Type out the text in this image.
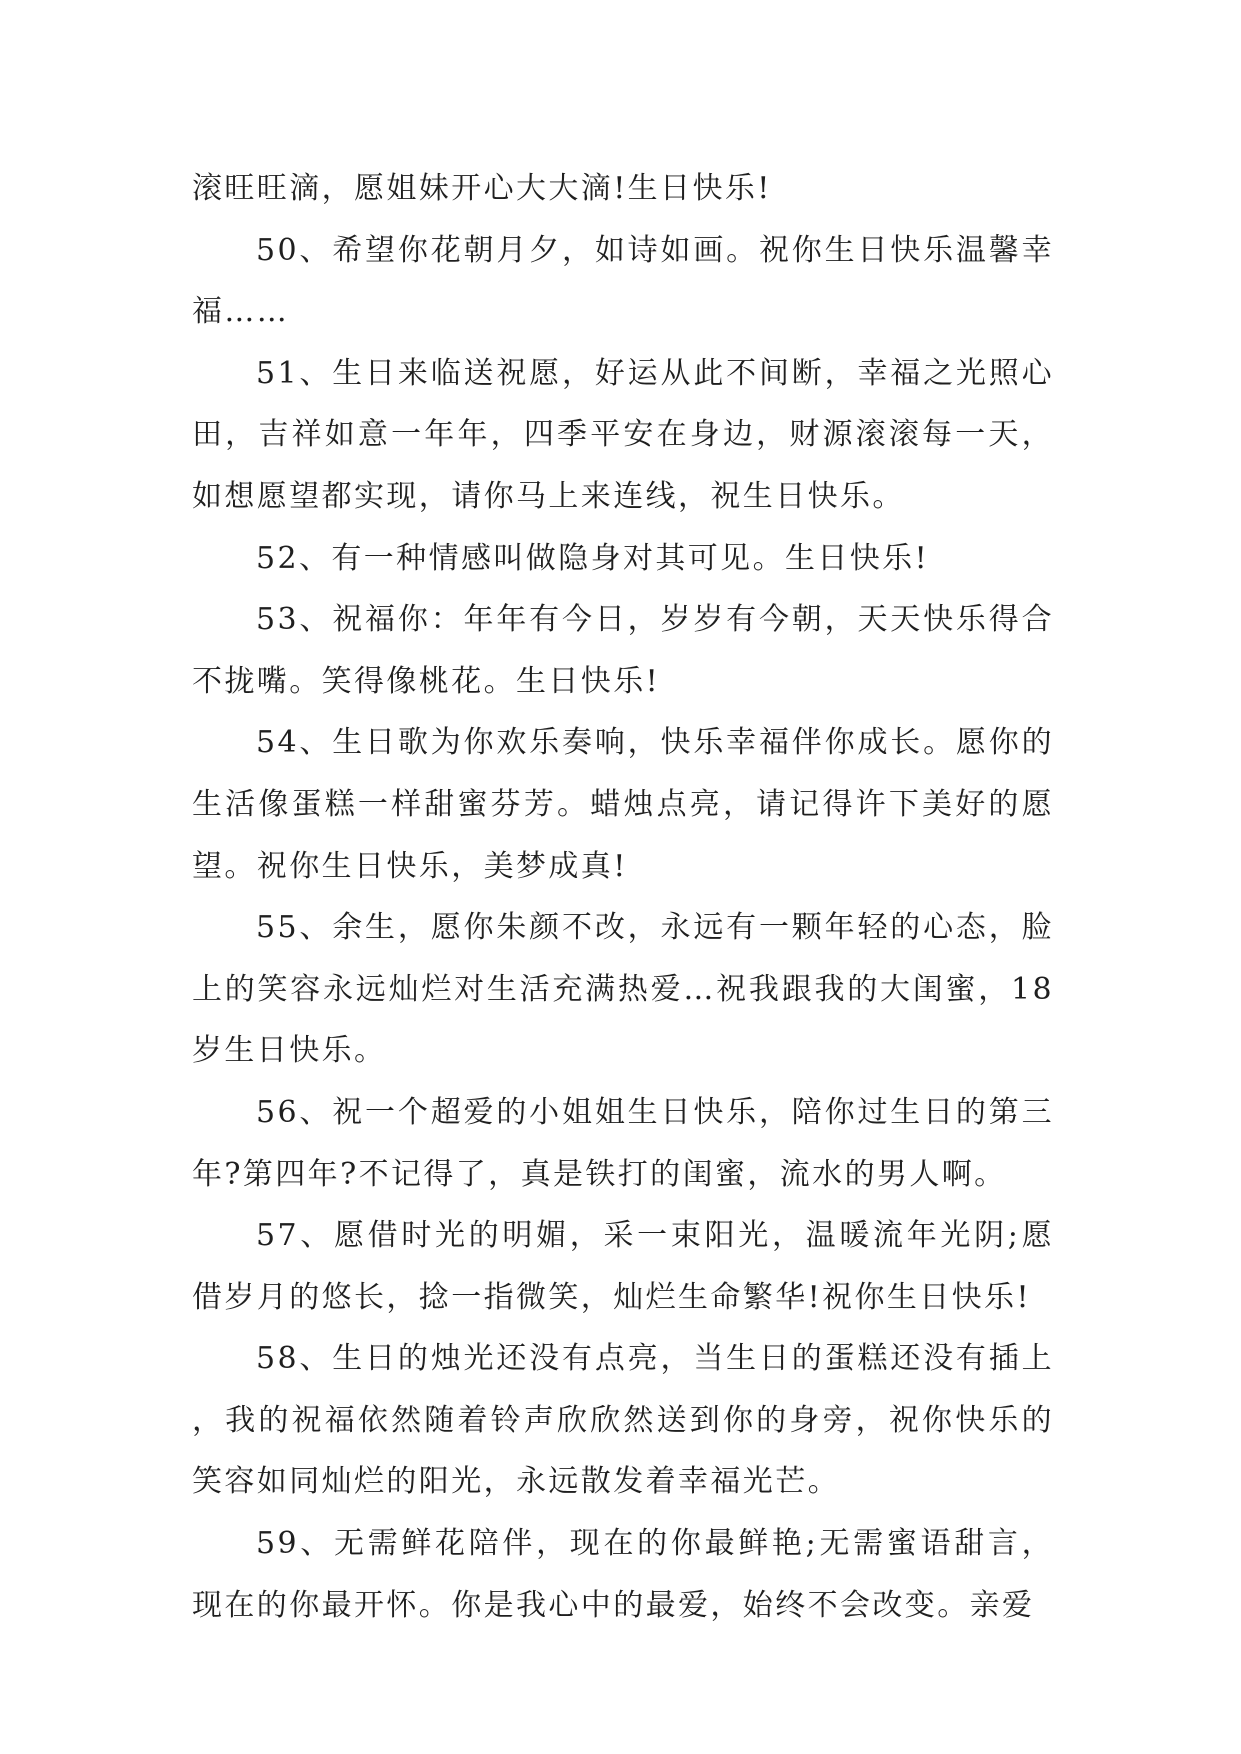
滚旺旺滴，愿姐妹开心大大滴!生日快乐!

50、希望你花朝月夕，如诗如画。祝你生日快乐温馨幸福……

51、生日来临送祝愿，好运从此不间断，幸福之光照心田，吉祥如意一年年，四季平安在身边，财源滚滚每一天，如想愿望都实现，请你马上来连线，祝生日快乐。

52、有一种情感叫做隐身对其可见。生日快乐!

53、祝福你：年年有今日，岁岁有今朝，天天快乐得合不拢嘴。笑得像桃花。生日快乐!

54、生日歌为你欢乐奏响，快乐幸福伴你成长。愿你的生活像蛋糕一样甜蜜芬芳。蜡烛点亮，请记得许下美好的愿望。祝你生日快乐，美梦成真!

55、余生，愿你朱颜不改，永远有一颗年轻的心态，脸上的笑容永远灿烂对生活充满热爱…祝我跟我的大闺蜜，18岁生日快乐。

56、祝一个超爱的小姐姐生日快乐，陪你过生日的第三年?第四年?不记得了，真是铁打的闺蜜，流水的男人啊。

57、愿借时光的明媚，采一束阳光，温暖流年光阴;愿借岁月的悠长，捻一指微笑，灿烂生命繁华!祝你生日快乐!

58、生日的烛光还没有点亮，当生日的蛋糕还没有插上，我的祝福依然随着铃声欣欣然送到你的身旁，祝你快乐的笑容如同灿烂的阳光，永远散发着幸福光芒。

59、无需鲜花陪伴，现在的你最鲜艳;无需蜜语甜言，现在的你最开怀。你是我心中的最爱，始终不会改变。亲爱
